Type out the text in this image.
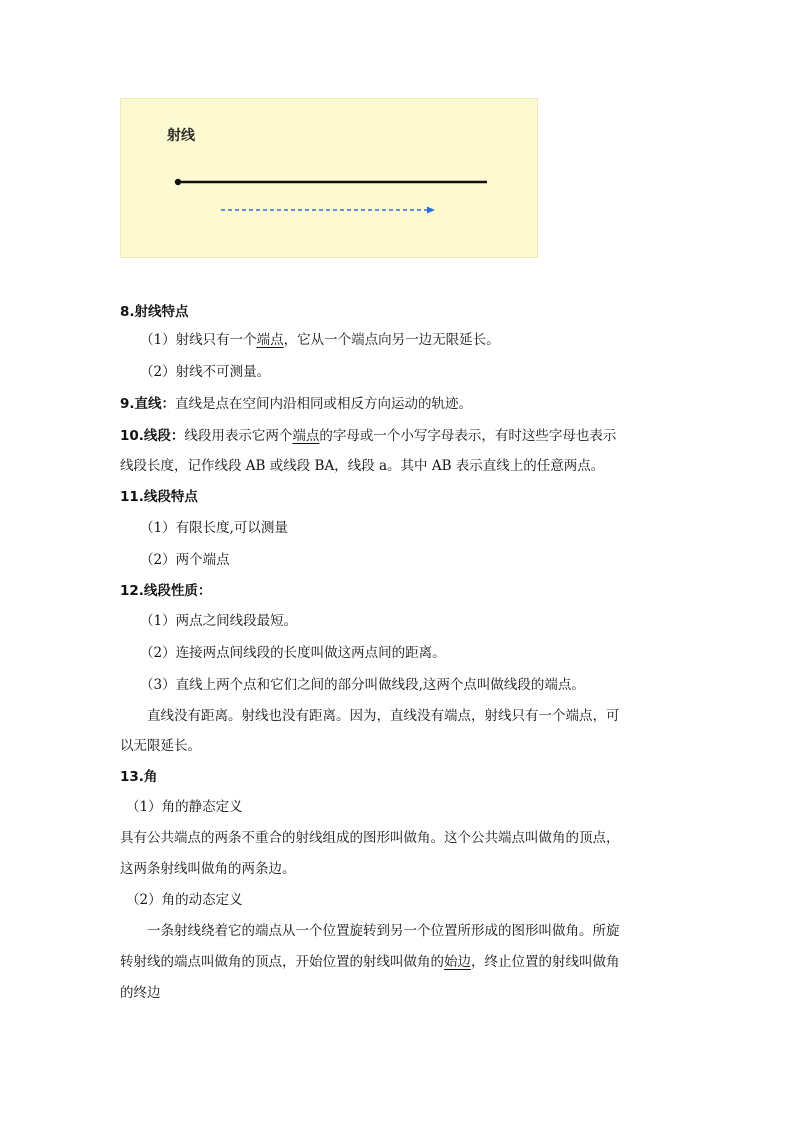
射线
8.射线特点
（1）射线只有一个端点，它从一个端点向另一边无限延长。
（2）射线不可测量。
9.直线：直线是点在空间内沿相同或相反方向运动的轨迹。
10.线段：线段用表示它两个端点的字母或一个小写字母表示，有时这些字母也表示
线段长度，记作线段 AB 或线段 BA，线段 a。其中 AB 表示直线上的任意两点。
11.线段特点
（1）有限长度,可以测量
（2）两个端点
12.线段性质：
（1）两点之间线段最短。
（2）连接两点间线段的长度叫做这两点间的距离。
（3）直线上两个点和它们之间的部分叫做线段,这两个点叫做线段的端点。
直线没有距离。射线也没有距离。因为，直线没有端点，射线只有一个端点，可
以无限延长。
13.角
（1）角的静态定义
具有公共端点的两条不重合的射线组成的图形叫做角。这个公共端点叫做角的顶点，
这两条射线叫做角的两条边。
（2）角的动态定义
一条射线绕着它的端点从一个位置旋转到另一个位置所形成的图形叫做角。所旋
转射线的端点叫做角的顶点，开始位置的射线叫做角的始边，终止位置的射线叫做角
的终边
